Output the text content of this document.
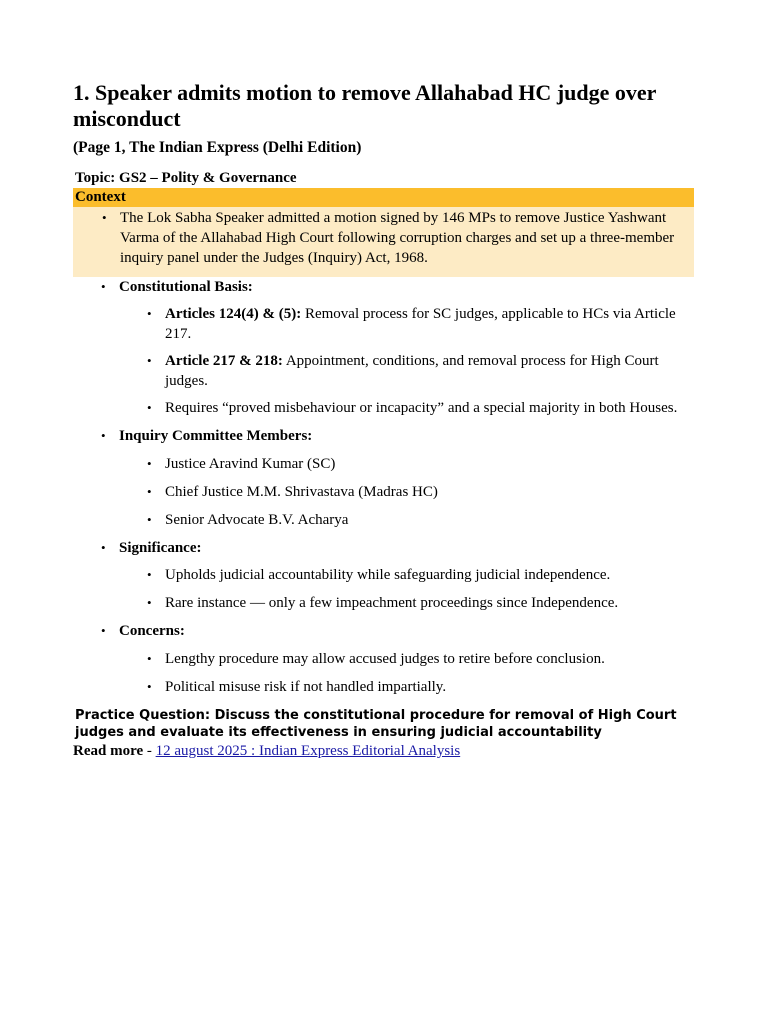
1. Speaker admits motion to remove Allahabad HC judge over misconduct

(Page 1, The Indian Express (Delhi Edition)

Topic: GS2 – Polity & Governance
Context
• The Lok Sabha Speaker admitted a motion signed by 146 MPs to remove Justice Yashwant Varma of the Allahabad High Court following corruption charges and set up a three-member inquiry panel under the Judges (Inquiry) Act, 1968.
• Constitutional Basis:
• Articles 124(4) & (5): Removal process for SC judges, applicable to HCs via Article 217.
• Article 217 & 218: Appointment, conditions, and removal process for High Court judges.
• Requires “proved misbehaviour or incapacity” and a special majority in both Houses.
• Inquiry Committee Members:
• Justice Aravind Kumar (SC)
• Chief Justice M.M. Shrivastava (Madras HC)
• Senior Advocate B.V. Acharya
• Significance:
• Upholds judicial accountability while safeguarding judicial independence.
• Rare instance — only a few impeachment proceedings since Independence.
• Concerns:
• Lengthy procedure may allow accused judges to retire before conclusion.
• Political misuse risk if not handled impartially.
Practice Question: Discuss the constitutional procedure for removal of High Court judges and evaluate its effectiveness in ensuring judicial accountability
Read more - 12 august 2025 : Indian Express Editorial Analysis
